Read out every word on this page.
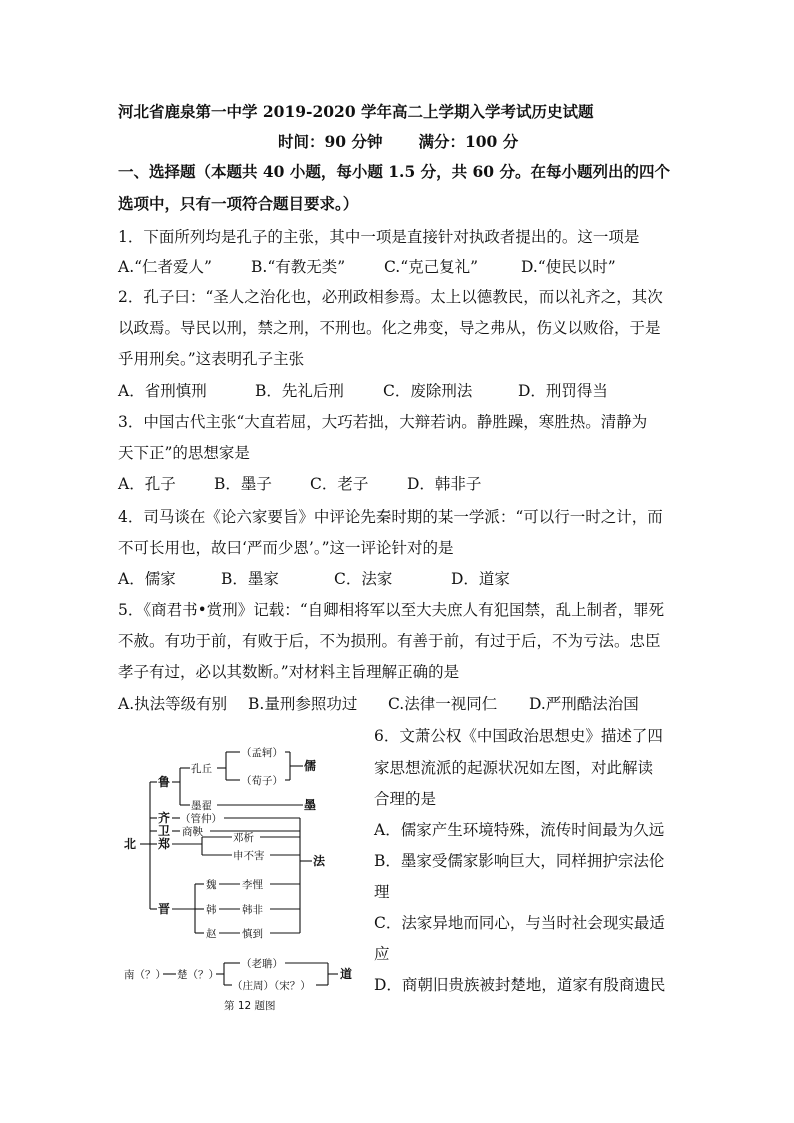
河北省鹿泉第一中学 2019-2020 学年高二上学期入学考试历史试题
时间：90 分钟 满分：100 分
一、选择题（本题共 40 小题，每小题 1.5 分，共 60 分。在每小题列出的四个
选项中，只有一项符合题目要求。）
1．下面所列均是孔子的主张，其中一项是直接针对执政者提出的。这一项是
A.“仁者爱人”	B.“有教无类”	C.“克己复礼”	D.“使民以时”
2．孔子曰：“圣人之治化也，必刑政相参焉。太上以德教民，而以礼齐之，其次
以政焉。导民以刑，禁之刑，不刑也。化之弗变，导之弗从，伤义以败俗，于是
乎用刑矣。”这表明孔子主张
A．省刑慎刑	B．先礼后刑	C．废除刑法	D．刑罚得当
3．中国古代主张“大直若屈，大巧若拙，大辩若讷。静胜躁，寒胜热。清静为
天下正”的思想家是
A．孔子 B．墨子 C．老子 D．韩非子
4．司马谈在《论六家要旨》中评论先秦时期的某一学派：“可以行一时之计，而
不可长用也，故曰‘严而少恩’。”这一评论针对的是
A．儒家	B．墨家	C．法家	D．道家
5．《商君书•赏刑》记载：“自卿相将军以至大夫庶人有犯国禁，乱上制者，罪死
不赦。有功于前，有败于后，不为损刑。有善于前，有过于后，不为亏法。忠臣
孝子有过，必以其数断。”对材料主旨理解正确的是
A.执法等级有别 B.量刑参照功过 C.法律一视同仁 D.严刑酷法治国
6．文萧公权《中国政治思想史》描述了四
家思想流派的起源状况如左图，对此解读
合理的是
A．儒家产生环境特殊，流传时间最为久远
B．墨家受儒家影响巨大，同样拥护宗法伦
理
C．法家异地而同心，与当时社会现实最适
应
D．商朝旧贵族被封楚地，道家有殷商遗民
北
鲁
孔丘
（孟轲）
（荀子）
儒
墨翟	墨
齐 （管仲）
卫 商鞅
郑	邓析
申不害	法
晋
魏 李悝
韩 韩非
赵 慎到
南（？） 楚（？）
（老聃）
（庄周）（宋？）
道
第 12 题图
